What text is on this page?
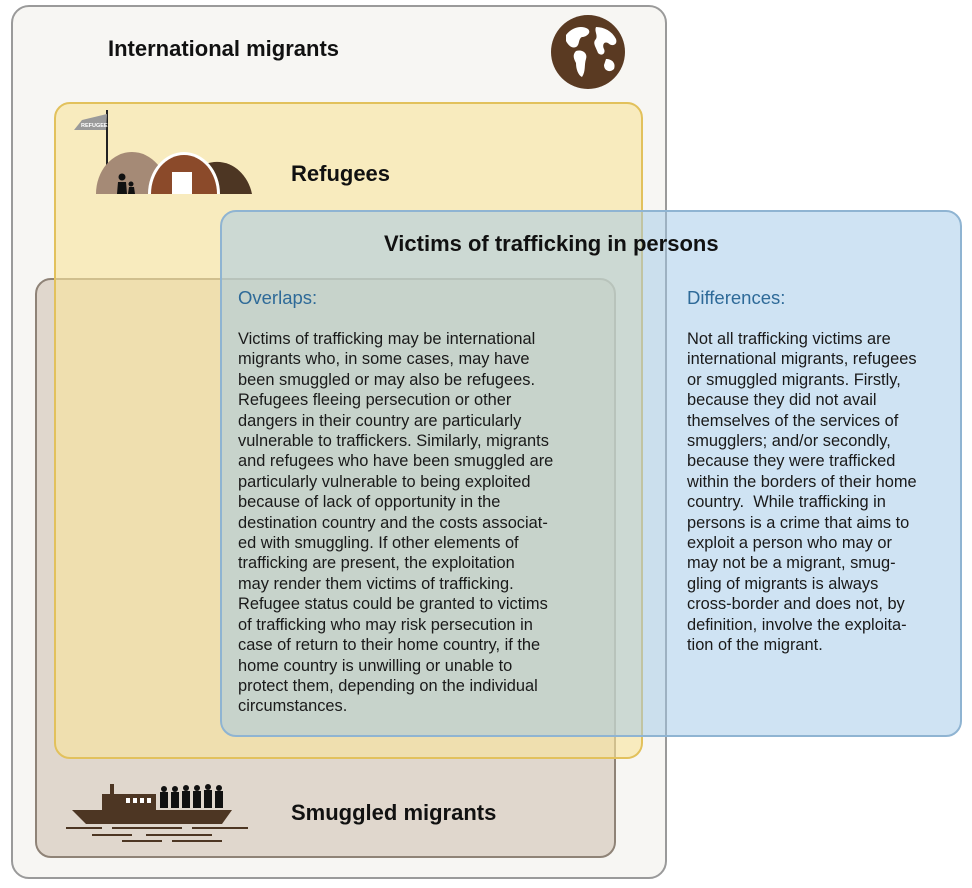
International migrants
Refugees
Smuggled migrants
Victims of trafficking in persons
Overlaps:	Differences:
Victims of trafficking may be international
migrants who, in some cases, may have
been smuggled or may also be refugees.
Refugees fleeing persecution or other
dangers in their country are particularly
vulnerable to traffickers. Similarly, migrants
and refugees who have been smuggled are
particularly vulnerable to being exploited
because of lack of opportunity in the
destination country and the costs associat-
ed with smuggling. If other elements of
trafficking are present, the exploitation
may render them victims of trafficking.
Refugee status could be granted to victims
of trafficking who may risk persecution in
case of return to their home country, if the
home country is unwilling or unable to
protect them, depending on the individual
circumstances.
Not all trafficking victims are
international migrants, refugees
or smuggled migrants. Firstly,
because they did not avail
themselves of the services of
smugglers; and/or secondly,
because they were trafficked
within the borders of their home
country.  While trafficking in
persons is a crime that aims to
exploit a person who may or
may not be a migrant, smug-
gling of migrants is always
cross-border and does not, by
definition, involve the exploita-
tion of the migrant.
REFUGEE
